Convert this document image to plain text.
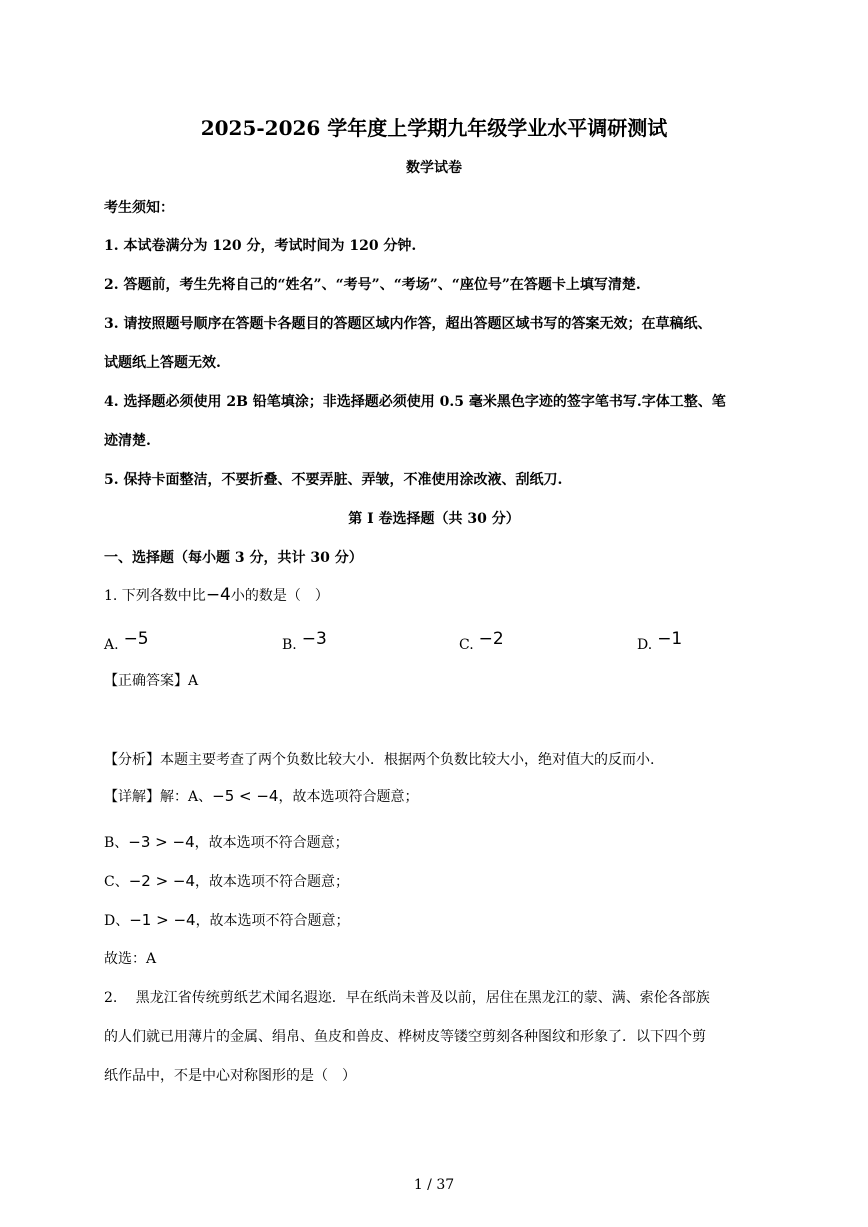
2025-2026 学年度上学期九年级学业水平调研测试
数学试卷
考生须知：
1. 本试卷满分为 120 分，考试时间为 120 分钟.
2. 答题前，考生先将自己的“姓名”、“考号”、“考场”、“座位号”在答题卡上填写清楚.
3. 请按照题号顺序在答题卡各题目的答题区域内作答，超出答题区域书写的答案无效；在草稿纸、
试题纸上答题无效.
4. 选择题必须使用 2B 铅笔填涂；非选择题必须使用 0.5 毫米黑色字迹的签字笔书写.字体工整、笔
迹清楚.
5. 保持卡面整洁，不要折叠、不要弄脏、弄皱，不准使用涂改液、刮纸刀.
第 I 卷选择题（共 30 分）
一、选择题（每小题 3 分，共计 30 分）
1. 下列各数中比−4小的数是（　）
A. −5	B. −3	C. −2	D. −1
【正确答案】A
【分析】本题主要考查了两个负数比较大小．根据两个负数比较大小，绝对值大的反而小.
【详解】解：A、−5 < −4，故本选项符合题意；
B、−3 > −4，故本选项不符合题意；
C、−2 > −4，故本选项不符合题意；
D、−1 > −4，故本选项不符合题意；
故选：A
2.　 黑龙江省传统剪纸艺术闻名遐迩．早在纸尚未普及以前，居住在黑龙江的蒙、满、索伦各部族
的人们就已用薄片的金属、绢帛、鱼皮和兽皮、桦树皮等镂空剪刻各种图纹和形象了．以下四个剪
纸作品中，不是中心对称图形的是（　）
1 / 37
